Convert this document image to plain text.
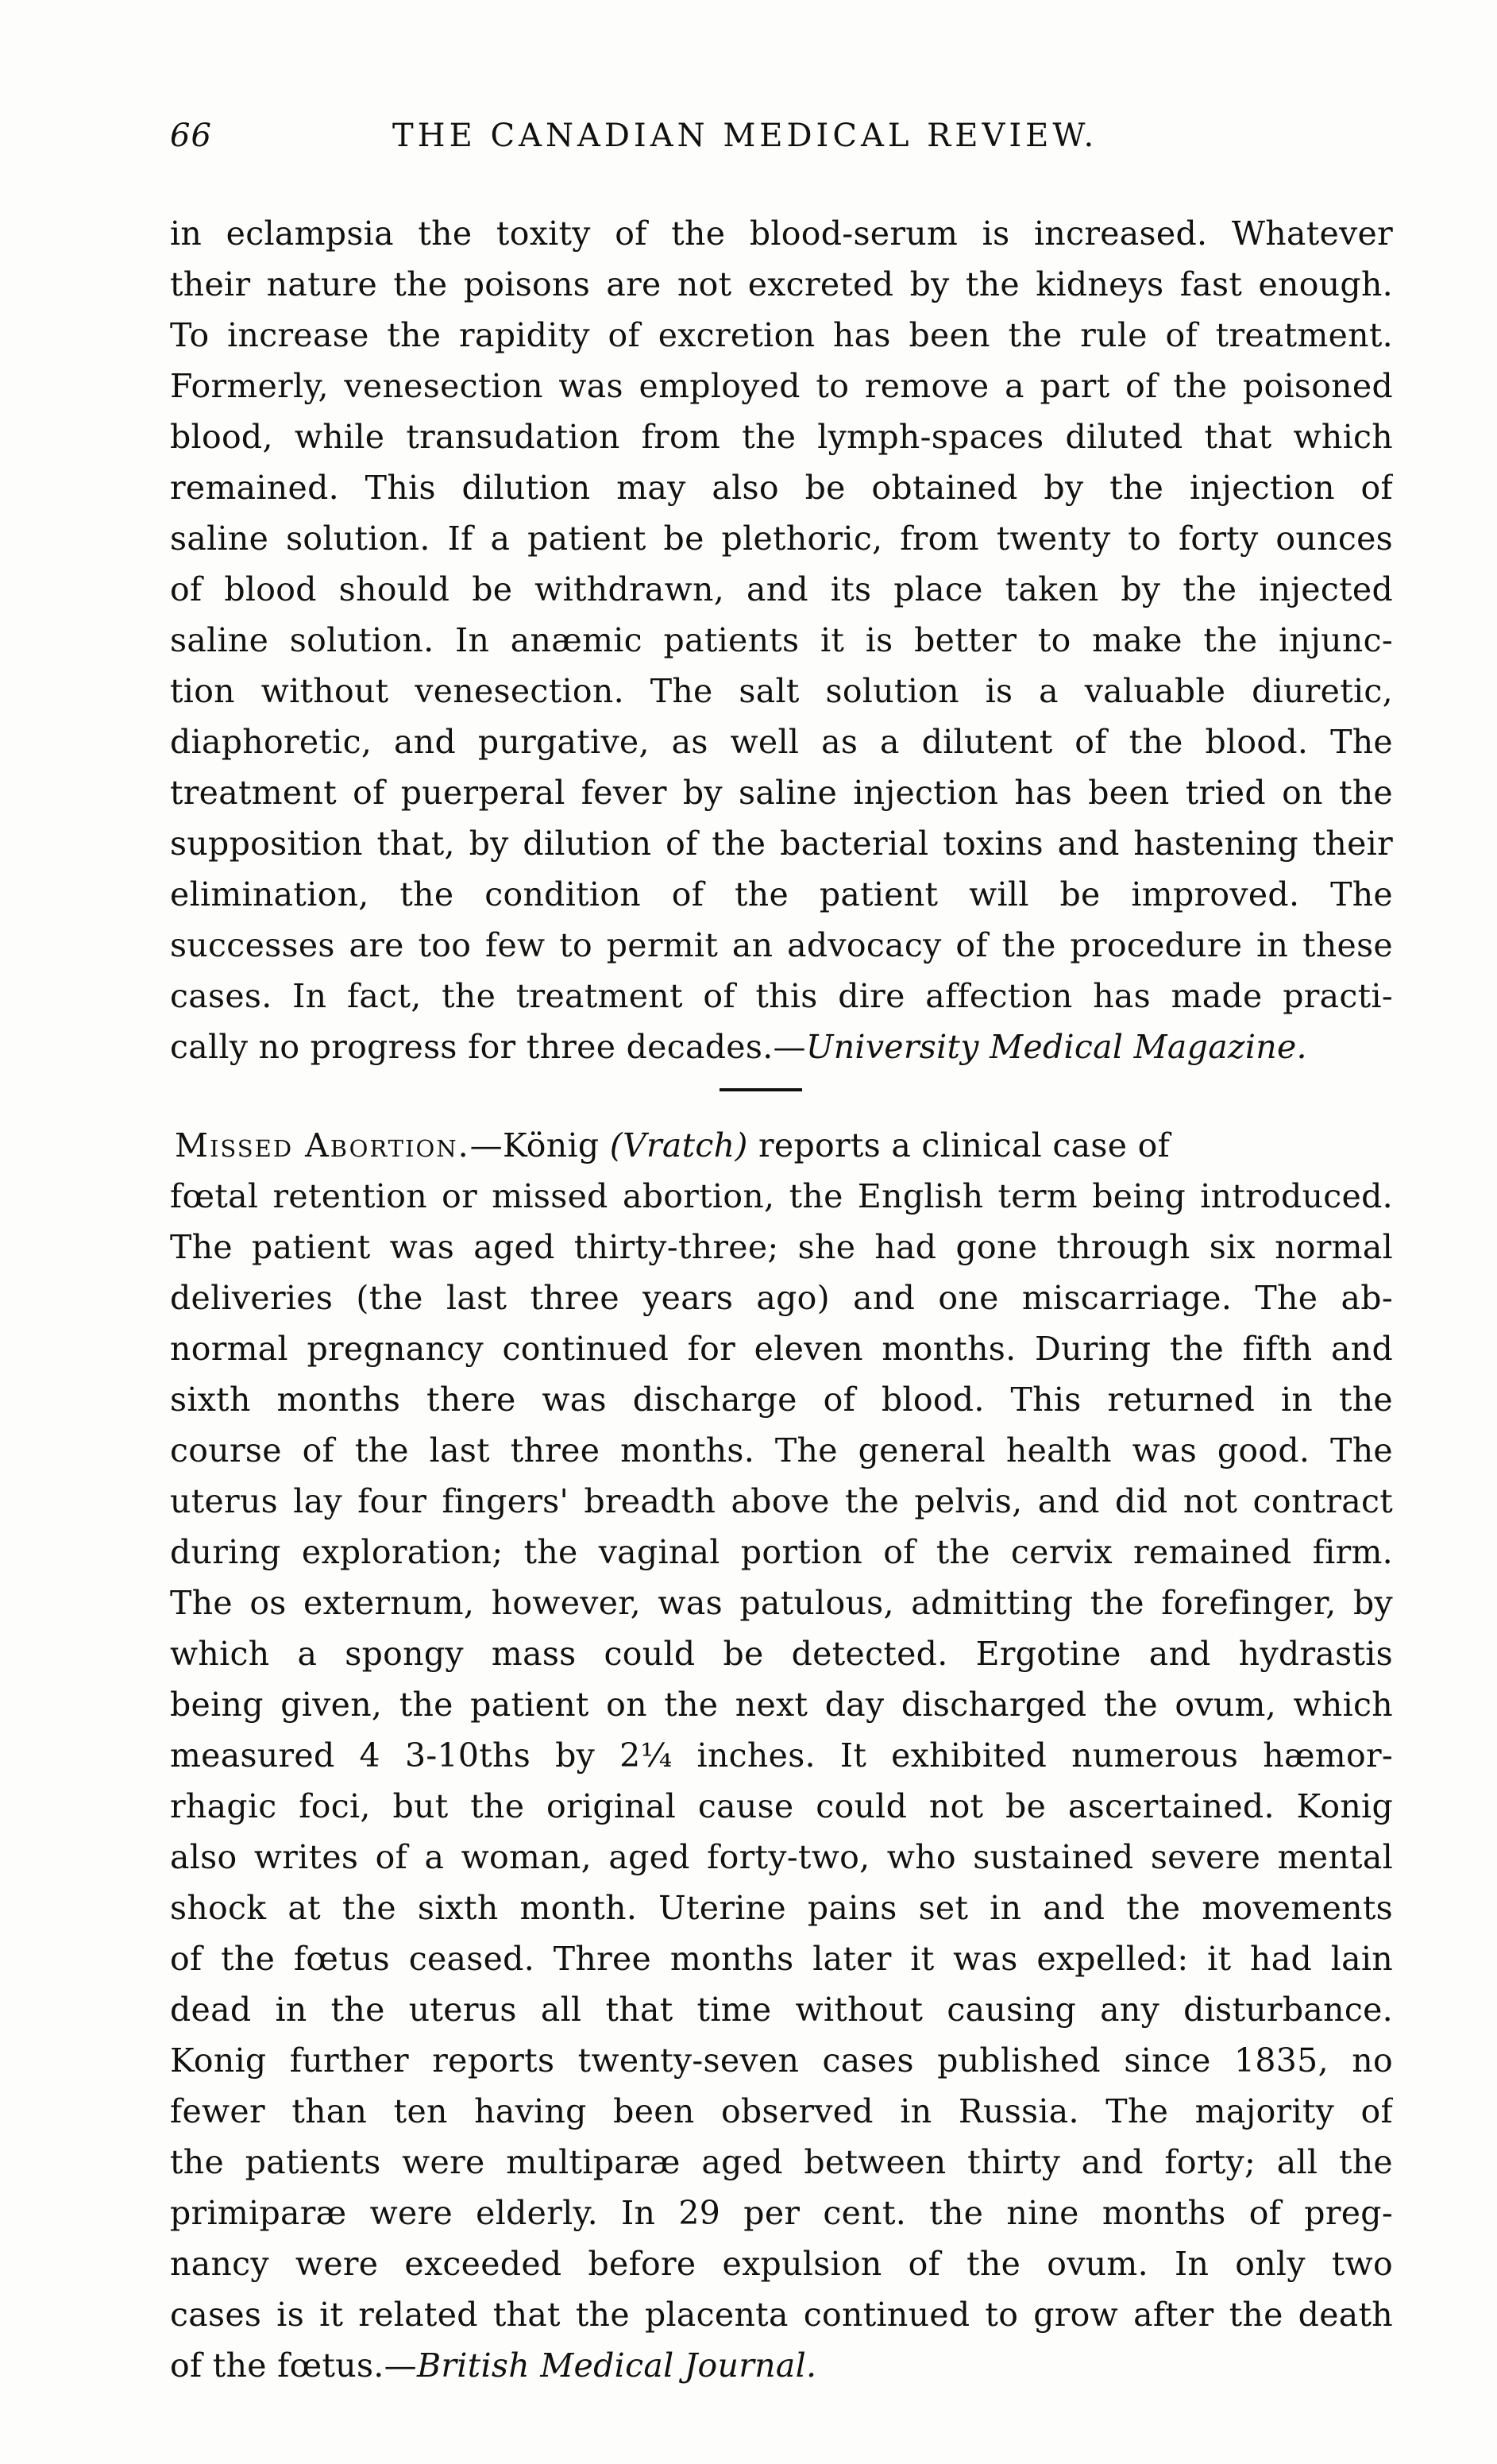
66	THE CANADIAN MEDICAL REVIEW.
in eclampsia the toxity of the blood-serum is increased. Whatever
their nature the poisons are not excreted by the kidneys fast enough.
To increase the rapidity of excretion has been the rule of treatment.
Formerly, venesection was employed to remove a part of the poisoned
blood, while transudation from the lymph-spaces diluted that which
remained. This dilution may also be obtained by the injection of
saline solution. If a patient be plethoric, from twenty to forty ounces
of blood should be withdrawn, and its place taken by the injected
saline solution. In anæmic patients it is better to make the injunc-
tion without venesection. The salt solution is a valuable diuretic,
diaphoretic, and purgative, as well as a dilutent of the blood. The
treatment of puerperal fever by saline injection has been tried on the
supposition that, by dilution of the bacterial toxins and hastening their
elimination, the condition of the patient will be improved. The
successes are too few to permit an advocacy of the procedure in these
cases. In fact, the treatment of this dire affection has made practi-
cally no progress for three decades.—University Medical Magazine.
Missed Abortion.—König (Vratch) reports a clinical case of
fœtal retention or missed abortion, the English term being introduced.
The patient was aged thirty-three; she had gone through six normal
deliveries (the last three years ago) and one miscarriage. The ab-
normal pregnancy continued for eleven months. During the fifth and
sixth months there was discharge of blood. This returned in the
course of the last three months. The general health was good. The
uterus lay four fingers' breadth above the pelvis, and did not contract
during exploration; the vaginal portion of the cervix remained firm.
The os externum, however, was patulous, admitting the forefinger, by
which a spongy mass could be detected. Ergotine and hydrastis
being given, the patient on the next day discharged the ovum, which
measured 4 3-10ths by 2¼ inches. It exhibited numerous hæmor-
rhagic foci, but the original cause could not be ascertained. Konig
also writes of a woman, aged forty-two, who sustained severe mental
shock at the sixth month. Uterine pains set in and the movements
of the fœtus ceased. Three months later it was expelled: it had lain
dead in the uterus all that time without causing any disturbance.
Konig further reports twenty-seven cases published since 1835, no
fewer than ten having been observed in Russia. The majority of
the patients were multiparæ aged between thirty and forty; all the
primiparæ were elderly. In 29 per cent. the nine months of preg-
nancy were exceeded before expulsion of the ovum. In only two
cases is it related that the placenta continued to grow after the death
of the fœtus.—British Medical Journal.
